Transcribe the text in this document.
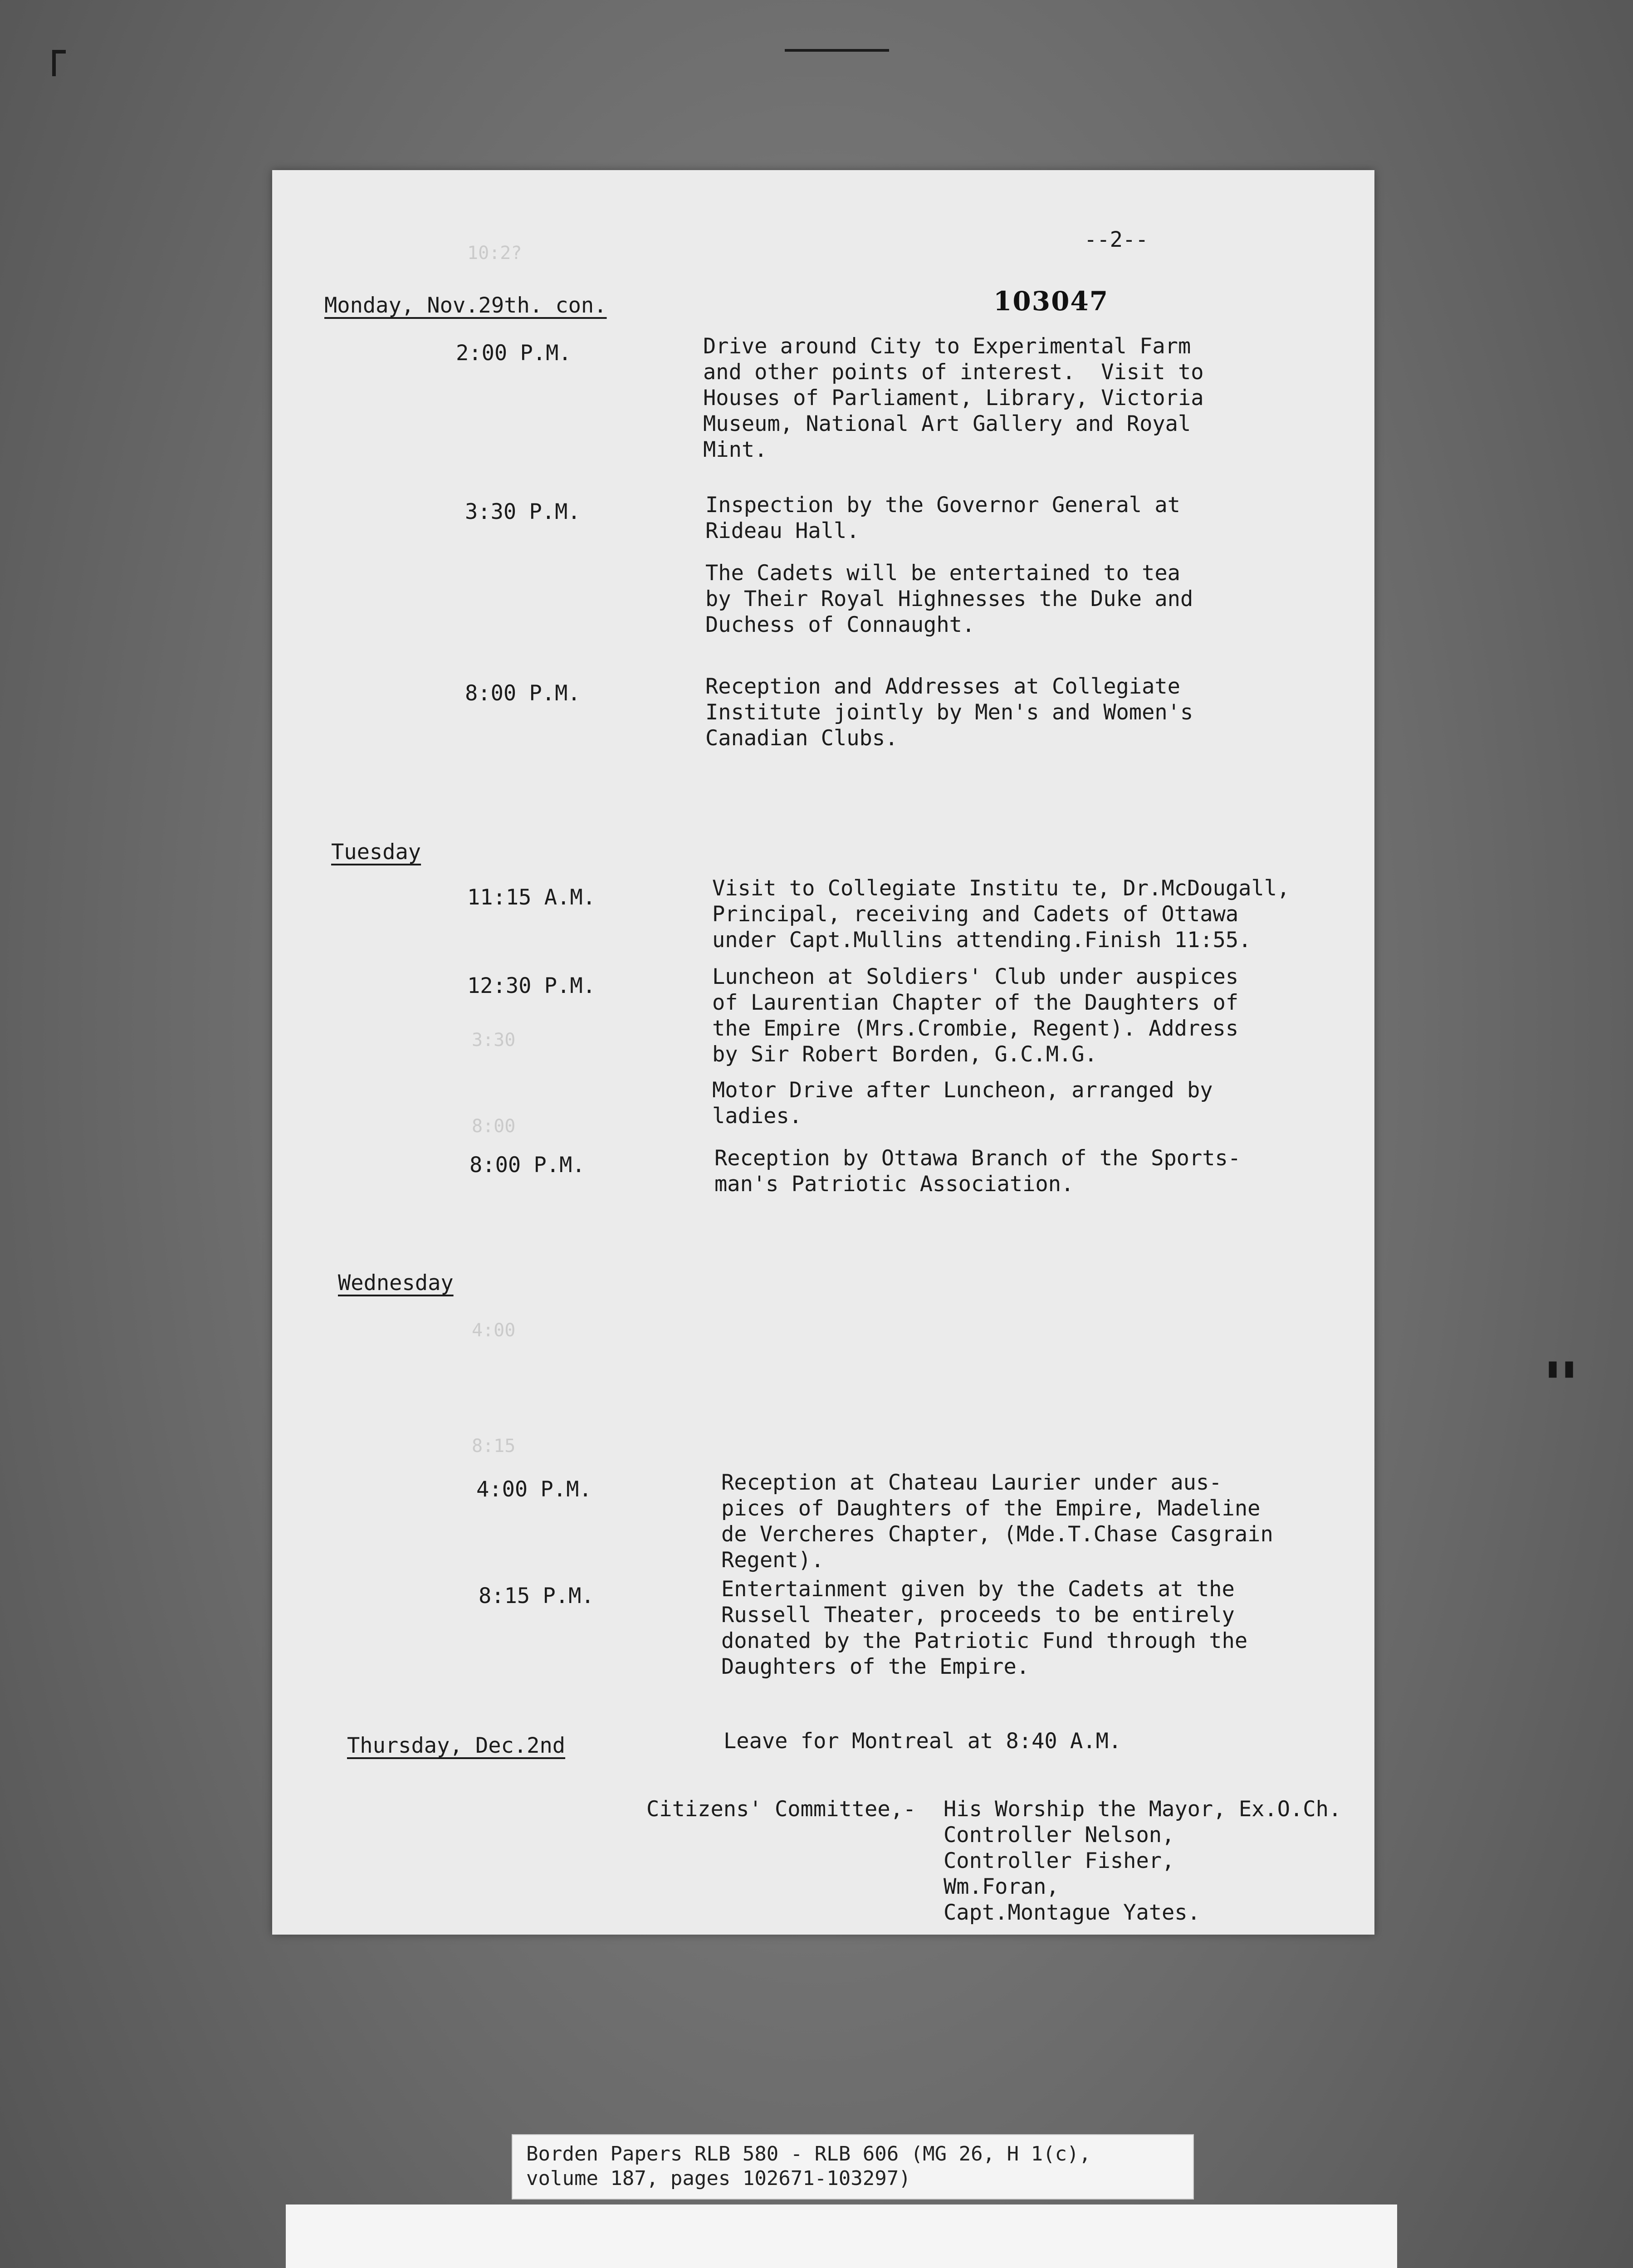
▮▮
--2--
103047
10:2?
Monday, Nov.29th. con.
2:00 P.M.	Drive around City to Experimental Farm
and other points of interest.  Visit to
Houses of Parliament, Library, Victoria
Museum, National Art Gallery and Royal
Mint.
3:30 P.M.	Inspection by the Governor General at
Rideau Hall.
The Cadets will be entertained to tea
by Their Royal Highnesses the Duke and
Duchess of Connaught.
8:00 P.M.	Reception and Addresses at Collegiate
Institute jointly by Men's and Women's
Canadian Clubs.
Tuesday
11:15 A.M.	Visit to Collegiate Institu te, Dr.McDougall,
Principal, receiving and Cadets of Ottawa
under Capt.Mullins attending.Finish 11:55.
12:30 P.M.	Luncheon at Soldiers' Club under auspices
of Laurentian Chapter of the Daughters of
the Empire (Mrs.Crombie, Regent). Address
by Sir Robert Borden, G.C.M.G.
3:30
Motor Drive after Luncheon, arranged by
ladies.
8:00
8:00 P.M.	Reception by Ottawa Branch of the Sports-
man's Patriotic Association.
Wednesday
4:00
8:15
4:00 P.M.	Reception at Chateau Laurier under aus-
pices of Daughters of the Empire, Madeline
de Vercheres Chapter, (Mde.T.Chase Casgrain
Regent).
8:15 P.M.	Entertainment given by the Cadets at the
Russell Theater, proceeds to be entirely
donated by the Patriotic Fund through the
Daughters of the Empire.
Thursday, Dec.2nd	Leave for Montreal at 8:40 A.M.
Citizens' Committee,- His Worship the Mayor, Ex.O.Ch.
Controller Nelson,
Controller Fisher,
Wm.Foran,
Capt.Montague Yates.
Borden Papers RLB 580 - RLB 606 (MG 26, H 1(c),
volume 187, pages 102671-103297)
